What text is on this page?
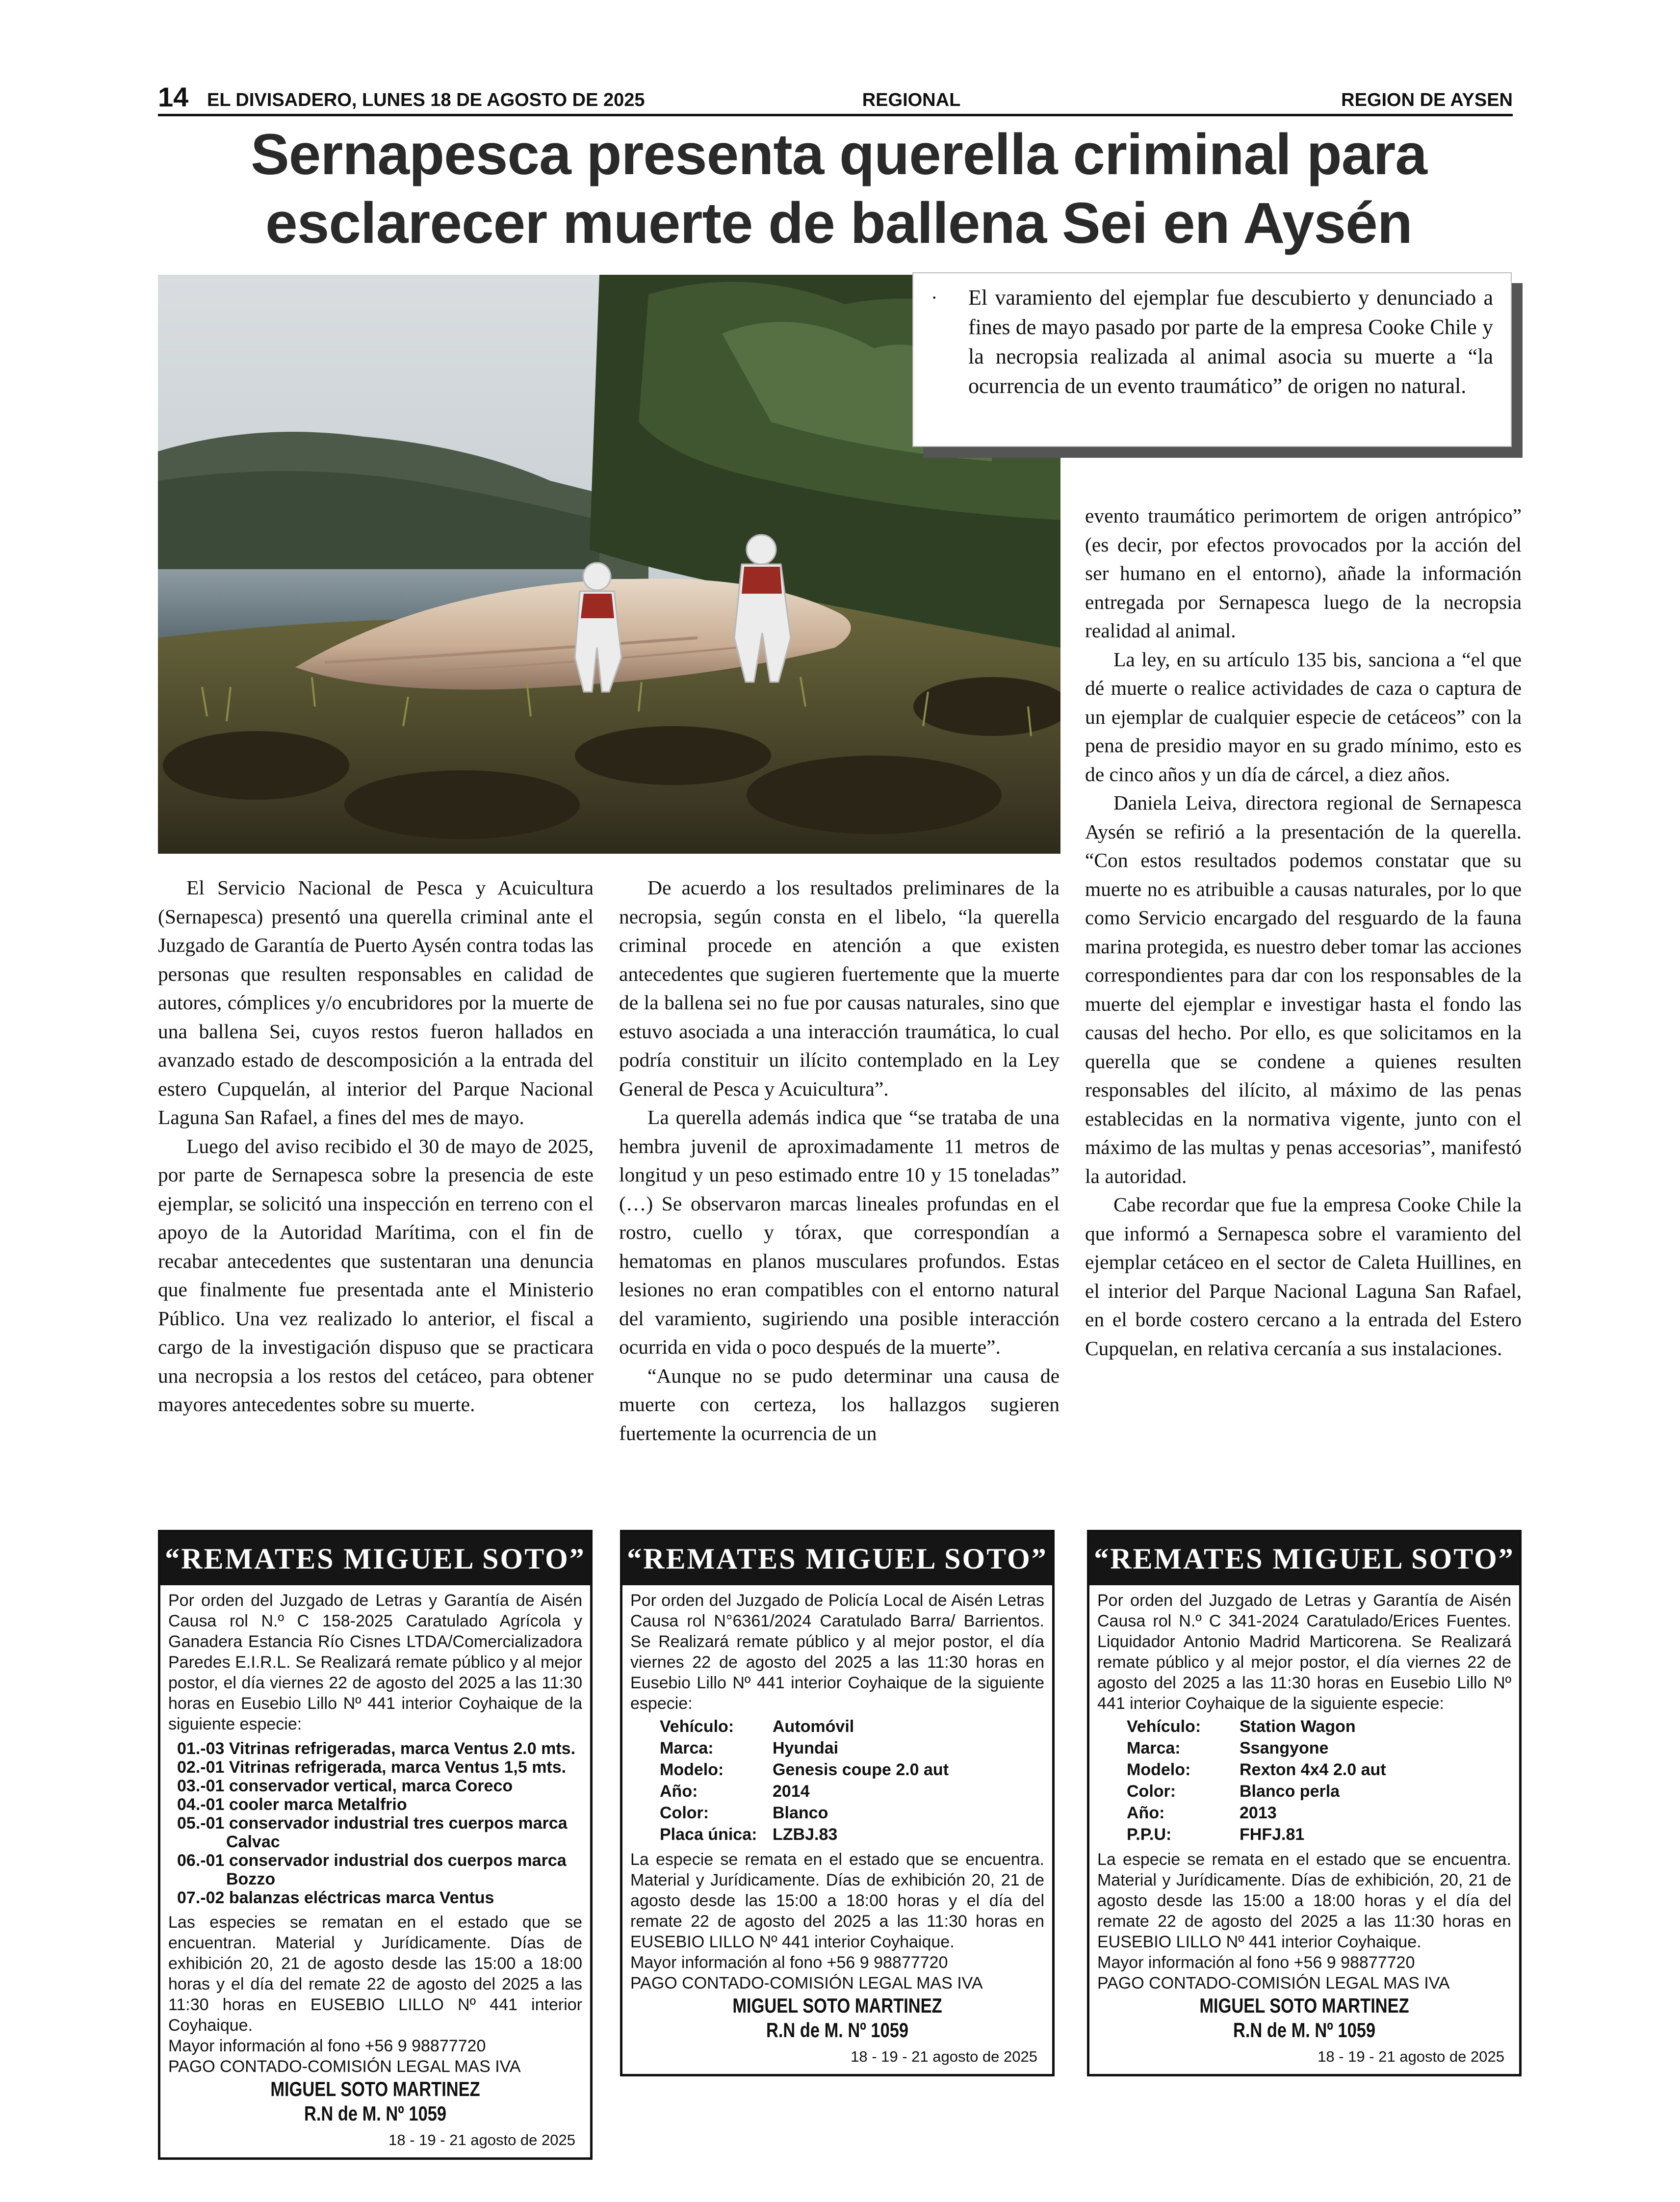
14 EL DIVISADERO, LUNES 18 DE AGOSTO DE 2025	REGIONAL	REGION DE AYSEN
Sernapesca presenta querella criminal para
esclarecer muerte de ballena Sei en Aysén
· El varamiento del ejemplar fue descubierto y denunciado a fines de mayo pasado por parte de la empresa Cooke Chile y la necropsia realizada al animal asocia su muerte a “la ocurrencia de un evento traumático” de origen no natural.

El Servicio Nacional de Pesca y Acuicultura (Sernapesca) presentó una querella criminal ante el Juzgado de Garantía de Puerto Aysén contra todas las personas que resulten responsables en calidad de autores, cómplices y/o encubridores por la muerte de una ballena Sei, cuyos restos fueron hallados en avanzado estado de descomposición a la entrada del estero Cupquelán, al interior del Parque Nacional Laguna San Rafael, a fines del mes de mayo.

Luego del aviso recibido el 30 de mayo de 2025, por parte de Sernapesca sobre la presencia de este ejemplar, se solicitó una inspección en terreno con el apoyo de la Autoridad Marítima, con el fin de recabar antecedentes que sustentaran una denuncia que finalmente fue presentada ante el Ministerio Público. Una vez realizado lo anterior, el fiscal a cargo de la investigación dispuso que se practicara una necropsia a los restos del cetáceo, para obtener mayores antecedentes sobre su muerte.

De acuerdo a los resultados preliminares de la necropsia, según consta en el libelo, “la querella criminal procede en atención a que existen antecedentes que sugieren fuertemente que la muerte de la ballena sei no fue por causas naturales, sino que estuvo asociada a una interacción traumática, lo cual podría constituir un ilícito contemplado en la Ley General de Pesca y Acuicultura”.

La querella además indica que “se trataba de una hembra juvenil de aproximadamente 11 metros de longitud y un peso estimado entre 10 y 15 toneladas” (…) Se observaron marcas lineales profundas en el rostro, cuello y tórax, que correspondían a hematomas en planos musculares profundos. Estas lesiones no eran compatibles con el entorno natural del varamiento, sugiriendo una posible interacción ocurrida en vida o poco después de la muerte”.

“Aunque no se pudo determinar una causa de muerte con certeza, los hallazgos sugieren fuertemente la ocurrencia de un

evento traumático perimortem de origen antrópico” (es decir, por efectos provocados por la acción del ser humano en el entorno), añade la información entregada por Sernapesca luego de la necropsia realidad al animal.

La ley, en su artículo 135 bis, sanciona a “el que dé muerte o realice actividades de caza o captura de un ejemplar de cualquier especie de cetáceos” con la pena de presidio mayor en su grado mínimo, esto es de cinco años y un día de cárcel, a diez años.

Daniela Leiva, directora regional de Sernapesca Aysén se refirió a la presentación de la querella. “Con estos resultados podemos constatar que su muerte no es atribuible a causas naturales, por lo que como Servicio encargado del resguardo de la fauna marina protegida, es nuestro deber tomar las acciones correspondientes para dar con los responsables de la muerte del ejemplar e investigar hasta el fondo las causas del hecho. Por ello, es que solicitamos en la querella que se condene a quienes resulten responsables del ilícito, al máximo de las penas establecidas en la normativa vigente, junto con el máximo de las multas y penas accesorias”, manifestó la autoridad.

Cabe recordar que fue la empresa Cooke Chile la que informó a Sernapesca sobre el varamiento del ejemplar cetáceo en el sector de Caleta Huillines, en el interior del Parque Nacional Laguna San Rafael, en el borde costero cercano a la entrada del Estero Cupquelan, en relativa cercanía a sus instalaciones.

“REMATES MIGUEL SOTO”

Por orden del Juzgado de Letras y Garantía de Aisén Causa rol N.º C 158-2025 Caratulado Agrícola y Ganadera Estancia Río Cisnes LTDA/Comercializadora Paredes E.I.R.L. Se Realizará remate público y al mejor postor, el día viernes 22 de agosto del 2025 a las 11:30 horas en Eusebio Lillo Nº 441 interior Coyhaique de la siguiente especie:

01.-03 Vitrinas refrigeradas, marca Ventus 2.0 mts.
02.-01 Vitrinas refrigerada, marca Ventus 1,5 mts.
03.-01 conservador vertical, marca Coreco
04.-01 cooler marca Metalfrio
05.-01 conservador industrial tres cuerpos marca
Calvac
06.-01 conservador industrial dos cuerpos marca
Bozzo
07.-02 balanzas eléctricas marca Ventus

Las especies se rematan en el estado que se encuentran. Material y Jurídicamente. Días de exhibición 20, 21 de agosto desde las 15:00 a 18:00 horas y el día del remate 22 de agosto del 2025 a las 11:30 horas en EUSEBIO LILLO Nº 441 interior Coyhaique.

Mayor información al fono +56 9 98877720

PAGO CONTADO-COMISIÓN LEGAL MAS IVA

MIGUEL SOTO MARTINEZ
R.N de M. Nº 1059
18 - 19 - 21 agosto de 2025
“REMATES MIGUEL SOTO”

Por orden del Juzgado de Policía Local de Aisén Letras Causa rol N°6361/2024 Caratulado Barra/ Barrientos. Se Realizará remate público y al mejor postor, el día viernes 22 de agosto del 2025 a las 11:30 horas en Eusebio Lillo Nº 441 interior Coyhaique de la siguiente especie:

Vehículo:	Automóvil
Marca:	Hyundai
Modelo:	Genesis coupe 2.0 aut
Año:	2014
Color:	Blanco
Placa única: LZBJ.83

La especie se remata en el estado que se encuentra. Material y Jurídicamente. Días de exhibición 20, 21 de agosto desde las 15:00 a 18:00 horas y el día del remate 22 de agosto del 2025 a las 11:30 horas en EUSEBIO LILLO Nº 441 interior Coyhaique.

Mayor información al fono +56 9 98877720

PAGO CONTADO-COMISIÓN LEGAL MAS IVA

MIGUEL SOTO MARTINEZ
R.N de M. Nº 1059
18 - 19 - 21 agosto de 2025
“REMATES MIGUEL SOTO”

Por orden del Juzgado de Letras y Garantía de Aisén Causa rol N.º C 341-2024 Caratulado/Erices Fuentes. Liquidador Antonio Madrid Marticorena. Se Realizará remate público y al mejor postor, el día viernes 22 de agosto del 2025 a las 11:30 horas en Eusebio Lillo Nº 441 interior Coyhaique de la siguiente especie:

Vehículo:	Station Wagon
Marca:	Ssangyone
Modelo:	Rexton 4x4 2.0 aut
Color:	Blanco perla
Año:	2013
P.P.U:	FHFJ.81

La especie se remata en el estado que se encuentra. Material y Jurídicamente. Días de exhibición, 20, 21 de agosto desde las 15:00 a 18:00 horas y el día del remate 22 de agosto del 2025 a las 11:30 horas en EUSEBIO LILLO Nº 441 interior Coyhaique.

Mayor información al fono +56 9 98877720

PAGO CONTADO-COMISIÓN LEGAL MAS IVA

MIGUEL SOTO MARTINEZ
R.N de M. Nº 1059
18 - 19 - 21 agosto de 2025
